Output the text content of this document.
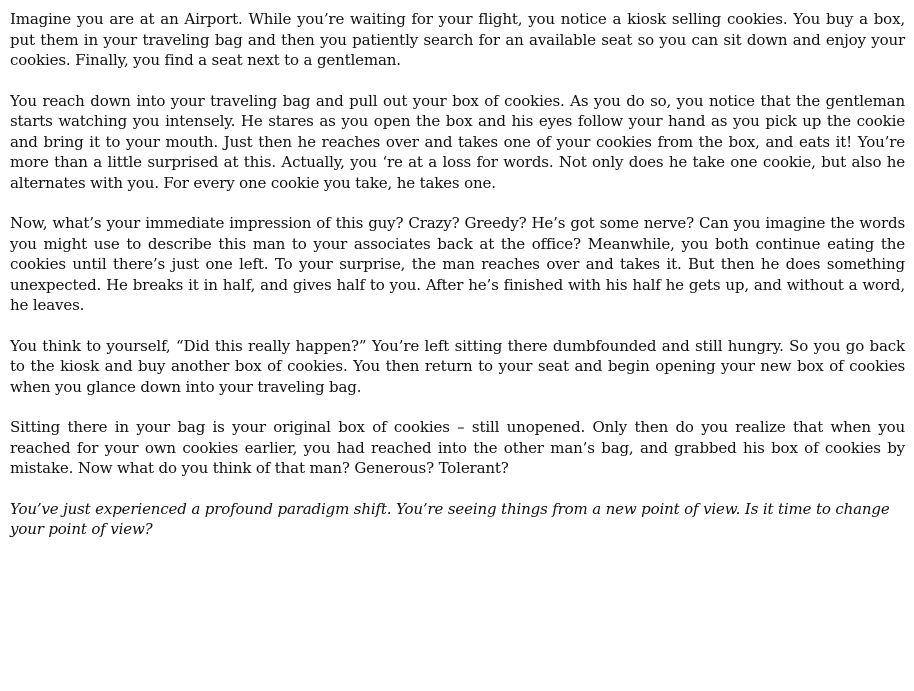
Imagine you are at an Airport. While you’re waiting for your flight, you notice a kiosk selling cookies. You buy a box, put them in your traveling bag and then you patiently search for an available seat so you can sit down and enjoy your cookies. Finally, you find a seat next to a gentleman.

You reach down into your traveling bag and pull out your box of cookies. As you do so, you notice that the gentleman starts watching you intensely. He stares as you open the box and his eyes follow your hand as you pick up the cookie and bring it to your mouth. Just then he reaches over and takes one of your cookies from the box, and eats it! You’re more than a little surprised at this. Actually, you ‘re at a loss for words. Not only does he take one cookie, but also he alternates with you. For every one cookie you take, he takes one.

Now, what’s your immediate impression of this guy? Crazy? Greedy? He’s got some nerve? Can you imagine the words you might use to describe this man to your associates back at the office? Meanwhile, you both continue eating the cookies until there’s just one left. To your surprise, the man reaches over and takes it. But then he does something unexpected. He breaks it in half, and gives half to you. After he’s finished with his half he gets up, and without a word, he leaves.

You think to yourself, “Did this really happen?” You’re left sitting there dumbfounded and still hungry. So you go back to the kiosk and buy another box of cookies. You then return to your seat and begin opening your new box of cookies when you glance down into your traveling bag.

Sitting there in your bag is your original box of cookies – still unopened. Only then do you realize that when you reached for your own cookies earlier, you had reached into the other man’s bag, and grabbed his box of cookies by mistake. Now what do you think of that man? Generous? Tolerant?

You’ve just experienced a profound paradigm shift. You’re seeing things from a new point of view. Is it time to change your point of view?
